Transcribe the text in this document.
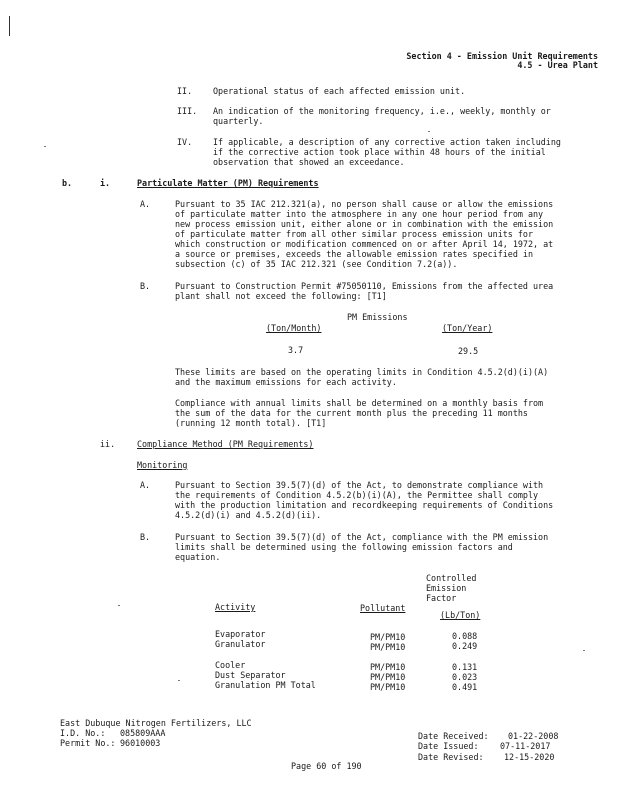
Section 4 - Emission Unit Requirements
4.5 - Urea Plant
II. Operational status of each affected emission unit.
III. An indication of the monitoring frequency, i.e., weekly, monthly or
quarterly.
IV. If applicable, a description of any corrective action taken including
if the corrective action took place within 48 hours of the initial
observation that showed an exceedance.
b.	i.	Particulate Matter (PM) Requirements
A.	Pursuant to 35 IAC 212.321(a), no person shall cause or allow the emissions
of particulate matter into the atmosphere in any one hour period from any
new process emission unit, either alone or in combination with the emission
of particulate matter from all other similar process emission units for
which construction or modification commenced on or after April 14, 1972, at
a source or premises, exceeds the allowable emission rates specified in
subsection (c) of 35 IAC 212.321 (see Condition 7.2(a)).
B.	Pursuant to Construction Permit #75050110, Emissions from the affected urea
plant shall not exceed the following: [T1]
PM Emissions
(Ton/Month)	(Ton/Year)
3.7	29.5
These limits are based on the operating limits in Condition 4.5.2(d)(i)(A)
and the maximum emissions for each activity.
Compliance with annual limits shall be determined on a monthly basis from
the sum of the data for the current month plus the preceding 11 months
(running 12 month total). [T1]
ii.	Compliance Method (PM Requirements)
Monitoring
A.	Pursuant to Section 39.5(7)(d) of the Act, to demonstrate compliance with
the requirements of Condition 4.5.2(b)(i)(A), the Permittee shall comply
with the production limitation and recordkeeping requirements of Conditions
4.5.2(d)(i) and 4.5.2(d)(ii).
B.	Pursuant to Section 39.5(7)(d) of the Act, compliance with the PM emission
limits shall be determined using the following emission factors and
equation.
Controlled
Emission
Factor
Activity	Pollutant
(Lb/Ton)
Evaporator	PM/PM10	0.088
Granulator	PM/PM10	0.249
Cooler	PM/PM10	0.131
Dust Separator	PM/PM10	0.023
Granulation PM Total	PM/PM10	0.491
East Dubuque Nitrogen Fertilizers, LLC
I.D. No.: 085809AAA
Permit No.: 96010003
Date Received: 01-22-2008
Date Issued:	07-11-2017
Date Revised: 12-15-2020
Page 60 of 190
